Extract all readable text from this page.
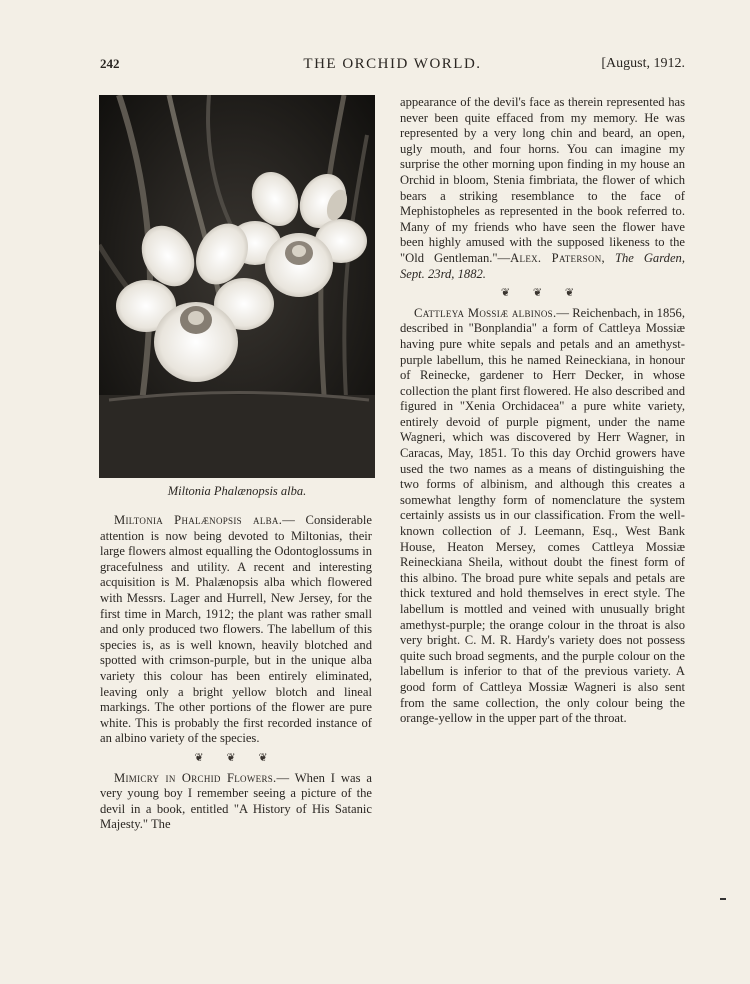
242	THE ORCHID WORLD.	[August, 1912.
Miltonia Phalænopsis alba.

Miltonia Phalænopsis alba.— Considerable attention is now being devoted to Miltonias, their large flowers almost equalling the Odontoglossums in gracefulness and utility. A recent and interesting acquisition is M. Phalænopsis alba which flowered with Messrs. Lager and Hurrell, New Jersey, for the first time in March, 1912; the plant was rather small and only produced two flowers. The labellum of this species is, as is well known, heavily blotched and spotted with crimson-purple, but in the unique alba variety this colour has been entirely eliminated, leaving only a bright yellow blotch and lineal markings. The other portions of the flower are pure white. This is probably the first recorded instance of an albino variety of the species.

❦ ❦ ❦

Mimicry in Orchid Flowers.— When I was a very young boy I remember seeing a picture of the devil in a book, entitled "A History of His Satanic Majesty." The

appearance of the devil's face as therein represented has never been quite effaced from my memory. He was represented by a very long chin and beard, an open, ugly mouth, and four horns. You can imagine my surprise the other morning upon finding in my house an Orchid in bloom, Stenia fimbriata, the flower of which bears a striking resemblance to the face of Mephistopheles as represented in the book referred to. Many of my friends who have seen the flower have been highly amused with the supposed likeness to the "Old Gentleman."—Alex. Paterson, The Garden, Sept. 23rd, 1882.

❦ ❦ ❦

Cattleya Mossiæ albinos.— Reichenbach, in 1856, described in "Bonplandia" a form of Cattleya Mossiæ having pure white sepals and petals and an amethyst-purple labellum, this he named Reineckiana, in honour of Reinecke, gardener to Herr Decker, in whose collection the plant first flowered. He also described and figured in "Xenia Orchidacea" a pure white variety, entirely devoid of purple pigment, under the name Wagneri, which was discovered by Herr Wagner, in Caracas, May, 1851. To this day Orchid growers have used the two names as a means of distinguishing the two forms of albinism, and although this creates a somewhat lengthy form of nomenclature the system certainly assists us in our classification. From the well-known collection of J. Leemann, Esq., West Bank House, Heaton Mersey, comes Cattleya Mossiæ Reineckiana Sheila, without doubt the finest form of this albino. The broad pure white sepals and petals are thick textured and hold themselves in erect style. The labellum is mottled and veined with unusually bright amethyst-purple; the orange colour in the throat is also very bright. C. M. R. Hardy's variety does not possess quite such broad segments, and the purple colour on the labellum is inferior to that of the previous variety. A good form of Cattleya Mossiæ Wagneri is also sent from the same collection, the only colour being the orange-yellow in the upper part of the throat.
